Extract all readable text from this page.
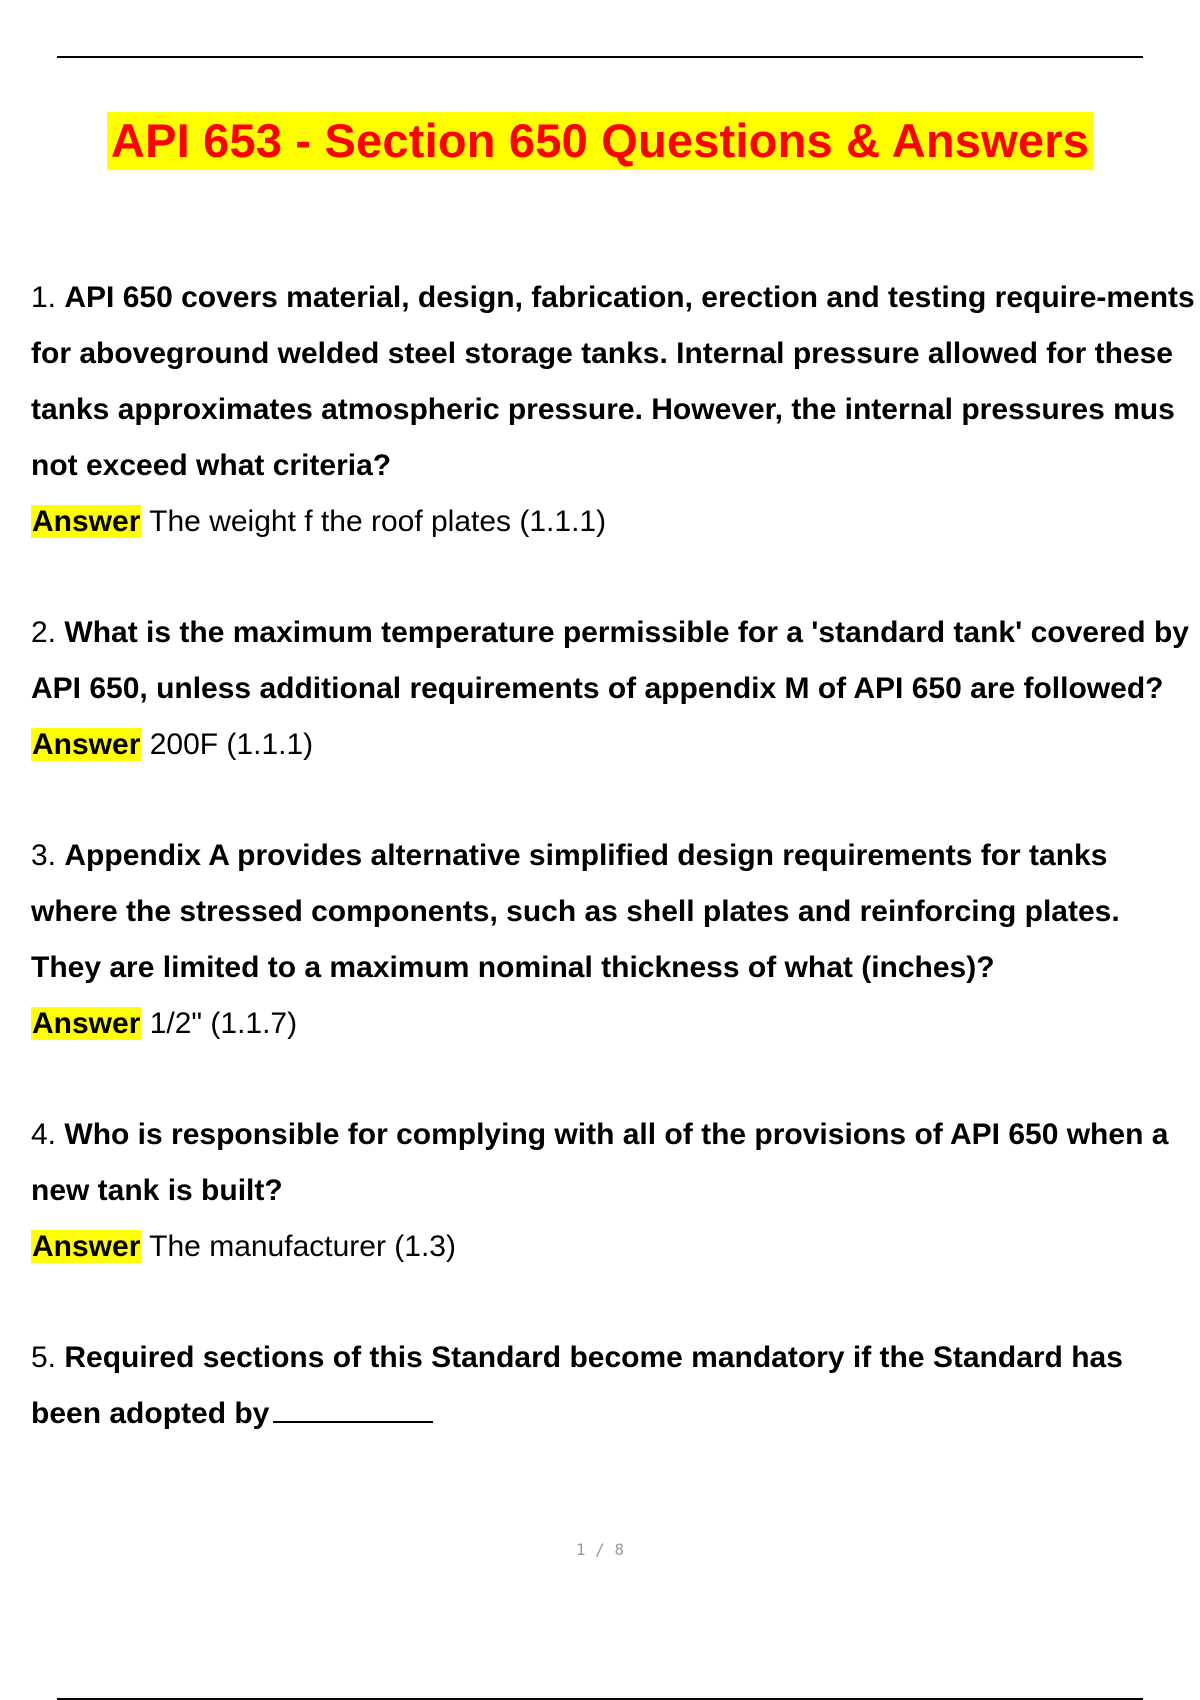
API 653 - Section 650 Questions & Answers

1. API 650 covers material, design, fabrication, erection and testing require-ments for aboveground welded steel storage tanks. Internal pressure allowed for these tanks approximates atmospheric pressure. However, the internal pressures mus not exceed what criteria?

Answer The weight f the roof plates (1.1.1)

2. What is the maximum temperature permissible for a 'standard tank' covered by API 650, unless additional requirements of appendix M of API 650 are followed?

Answer 200F (1.1.1)

3. Appendix A provides alternative simplified design requirements for tanks where the stressed components, such as shell plates and reinforcing plates. They are limited to a maximum nominal thickness of what (inches)?

Answer 1/2" (1.1.7)

4. Who is responsible for complying with all of the provisions of API 650 when a new tank is built?

Answer The manufacturer (1.3)

5. Required sections of this Standard become mandatory if the Standard has been adopted by

1 / 8
